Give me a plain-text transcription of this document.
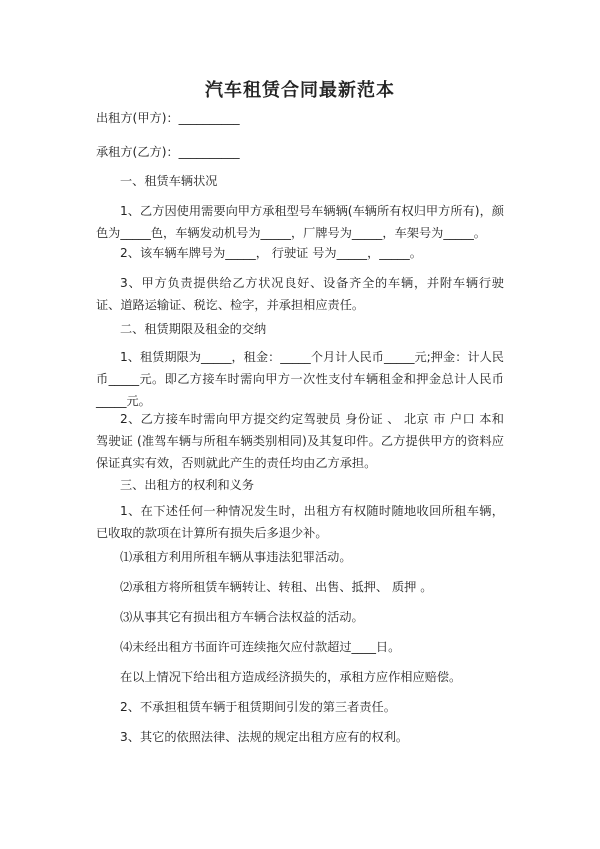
汽车租赁合同最新范本

出租方(甲方)：__________

承租方(乙方)：__________

一、租赁车辆状况

1、乙方因使用需要向甲方承租型号车辆辆(车辆所有权归甲方所有)，颜色为_____色，车辆发动机号为_____，厂牌号为_____，车架号为_____。

2、该车辆车牌号为_____， 行驶证 号为_____，_____。

3、甲方负责提供给乙方状况良好、设备齐全的车辆，并附车辆行驶证、道路运输证、税讫、检字，并承担相应责任。

二、租赁期限及租金的交纳

1、租赁期限为_____，租金：_____个月计人民币_____元;押金：计人民币_____元。即乙方接车时需向甲方一次性支付车辆租金和押金总计人民币_____元。

2、乙方接车时需向甲方提交约定驾驶员 身份证 、 北京 市 户口 本和驾驶证 (准驾车辆与所租车辆类别相同)及其复印件。乙方提供甲方的资料应保证真实有效，否则就此产生的责任均由乙方承担。

三、出租方的权利和义务

1、在下述任何一种情况发生时，出租方有权随时随地收回所租车辆，已收取的款项在计算所有损失后多退少补。

⑴承租方利用所租车辆从事违法犯罪活动。

⑵承租方将所租赁车辆转让、转租、出售、抵押、 质押 。

⑶从事其它有损出租方车辆合法权益的活动。

⑷未经出租方书面许可连续拖欠应付款超过____日。

在以上情况下给出租方造成经济损失的，承租方应作相应赔偿。

2、不承担租赁车辆于租赁期间引发的第三者责任。

3、其它的依照法律、法规的规定出租方应有的权利。
